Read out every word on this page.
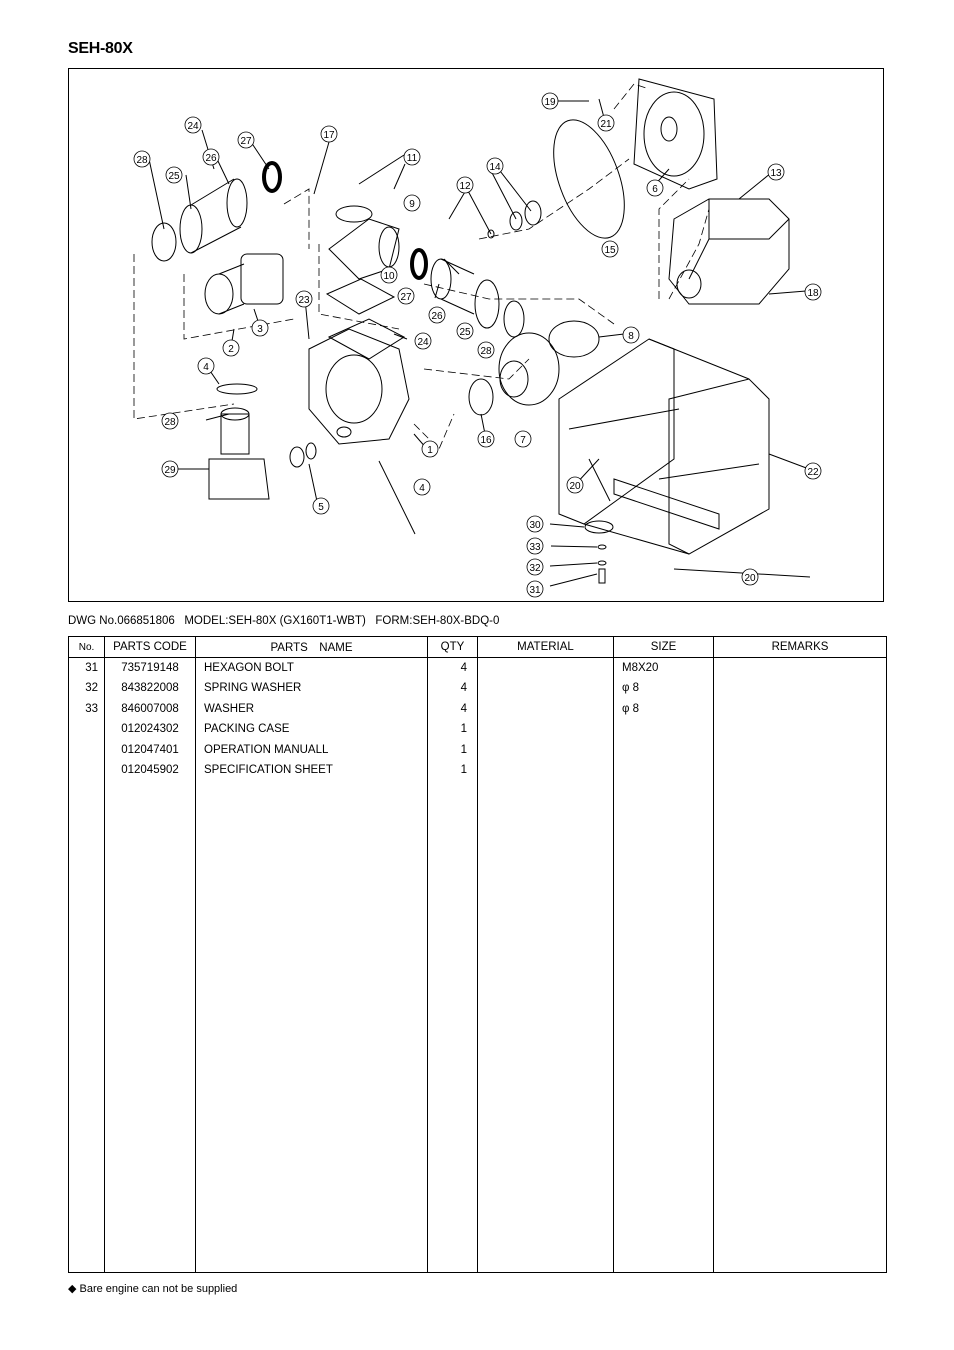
SEH-80X
1
2
3
4
4
5
6
7
8
9
10
11
12
13
14
15
16
17
18
19
20
20
21
22
23
24
24
25
25
26
26
27
27
28
28
28
29
30
31
32
33
DWG No.066851806   MODEL:SEH-80X (GX160T1-WBT)   FORM:SEH-80X-BDQ-0
No.	PARTS CODE	PARTS　NAME	QTY	MATERIAL	SIZE	REMARKS
31	735719148	HEXAGON BOLT	4		M8X20	
32	843822008	SPRING WASHER	4		φ 8	
33	846007008	WASHER	4		φ 8	
	012024302	PACKING CASE	1			
	012047401	OPERATION MANUALL	1			
	012045902	SPECIFICATION SHEET	1			

◆ Bare engine can not be supplied
